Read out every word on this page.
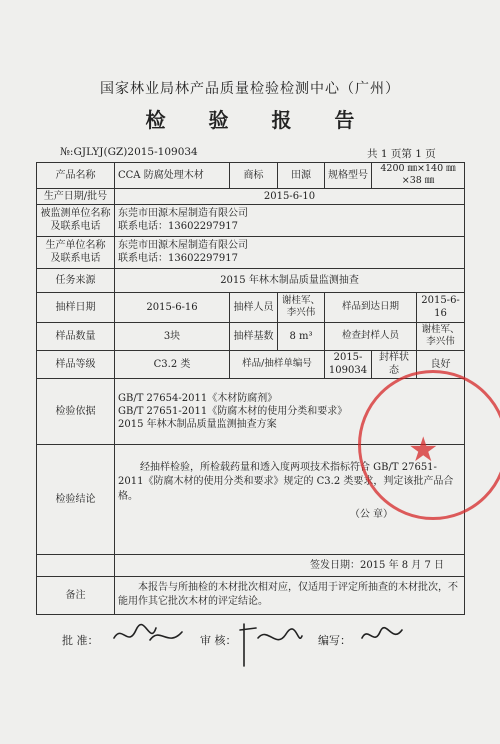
国家林业局林产品质量检验检测中心（广州）
检 验 报 告
№:GJLYJ(GZ)2015-109034	共 1 页第 1 页
产品名称	CCA 防腐处理木材	商标	田源	规格型号	4200 ㎜×140 ㎜×38 ㎜	
生产日期/批号	2015-6-10					
被监测单位名称
及联系电话	东莞市田源木屋制造有限公司
联系电话：13602297917					
生产单位名称
及联系电话	东莞市田源木屋制造有限公司
联系电话：13602297917					
任务来源	2015 年林木制品质量监测抽查					
抽样日期	2015-6-16	抽样人员	谢桂军、李兴伟	样品到达日期		2015-6-16
样品数量	3块	抽样基数	8 m³	检查封样人员		谢桂军、李兴伟
样品等级	C3.2 类	样品/抽样单编号		2015-109034	封样状态	良好
检验依据	GB/T 27654-2011《木材防腐剂》
GB/T 27651-2011《防腐木材的使用分类和要求》
2015 年林木制品质量监测抽查方案					
检验结论	经抽样检验，所检载药量和透入度两项技术指标符合 GB/T 27651-2011《防腐木材的使用分类和要求》规定的 C3.2 类要求，判定该批产品合格。
（公 章）					

	签发日期：2015 年 8 月 7 日					
备注	本报告与所抽检的木材批次相对应，仅适用于评定所抽查的木材批次，不能用作其它批次木材的评定结论。					
★
批 准：	审 核：	编写：
